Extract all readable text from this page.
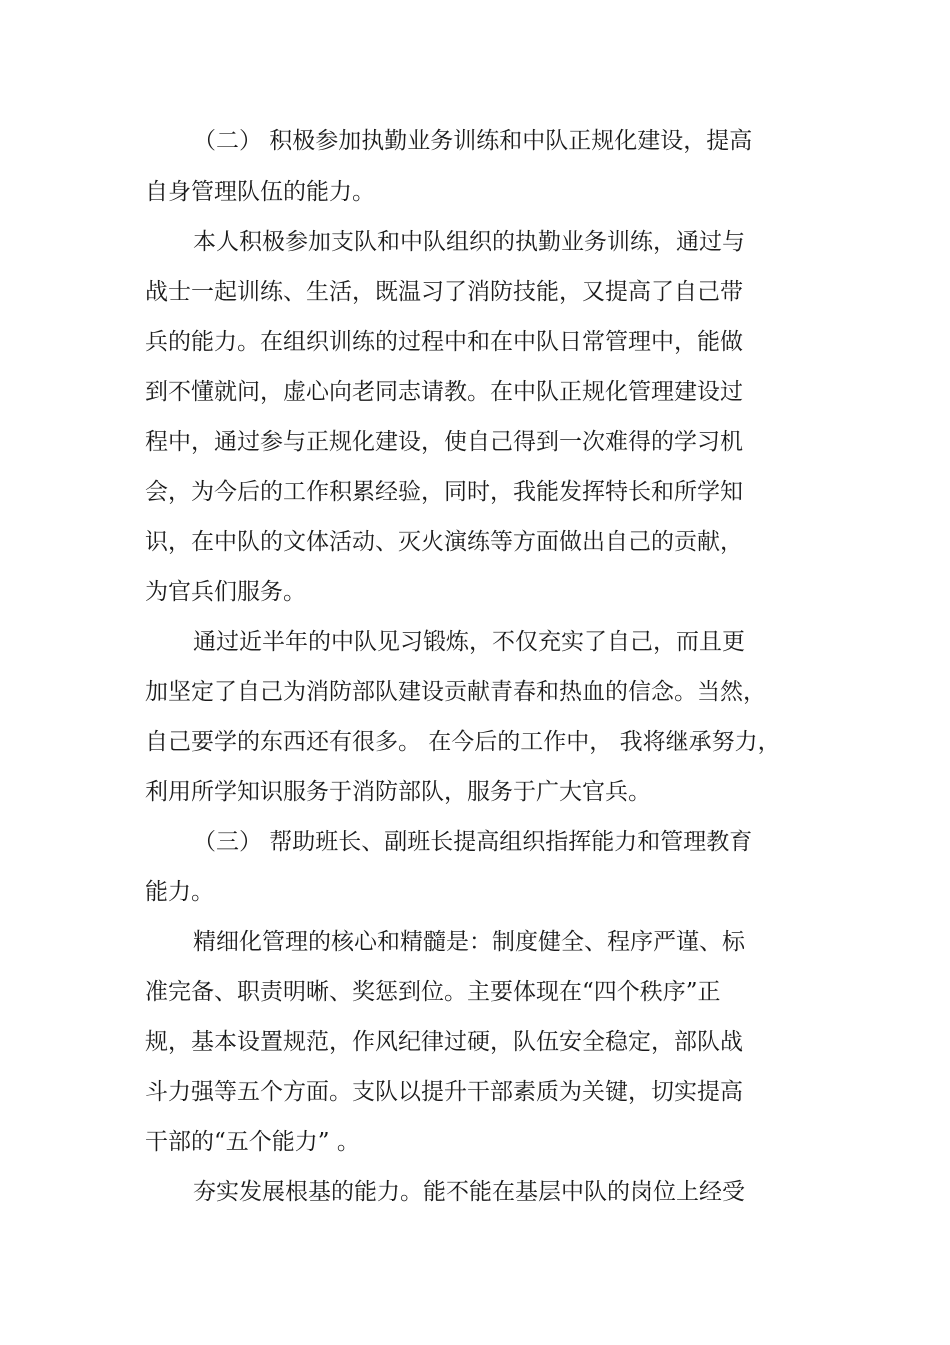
（二） 积极参加执勤业务训练和中队正规化建设，提高
自身管理队伍的能力。
本人积极参加支队和中队组织的执勤业务训练，通过与
战士一起训练、生活，既温习了消防技能，又提高了自己带
兵的能力。在组织训练的过程中和在中队日常管理中，能做
到不懂就问，虚心向老同志请教。在中队正规化管理建设过
程中，通过参与正规化建设，使自己得到一次难得的学习机
会，为今后的工作积累经验，同时，我能发挥特长和所学知
识，在中队的文体活动、灭火演练等方面做出自己的贡献，
为官兵们服务。
通过近半年的中队见习锻炼，不仅充实了自己，而且更
加坚定了自己为消防部队建设贡献青春和热血的信念。当然，
自己要学的东西还有很多。 在今后的工作中， 我将继承努力，
利用所学知识服务于消防部队，服务于广大官兵。
（三） 帮助班长、副班长提高组织指挥能力和管理教育
能力。
精细化管理的核心和精髓是：制度健全、程序严谨、标
准完备、职责明晰、奖惩到位。主要体现在“四个秩序”正
规，基本设置规范，作风纪律过硬，队伍安全稳定，部队战
斗力强等五个方面。支队以提升干部素质为关键，切实提高
干部的“五个能力” 。
夯实发展根基的能力。能不能在基层中队的岗位上经受
